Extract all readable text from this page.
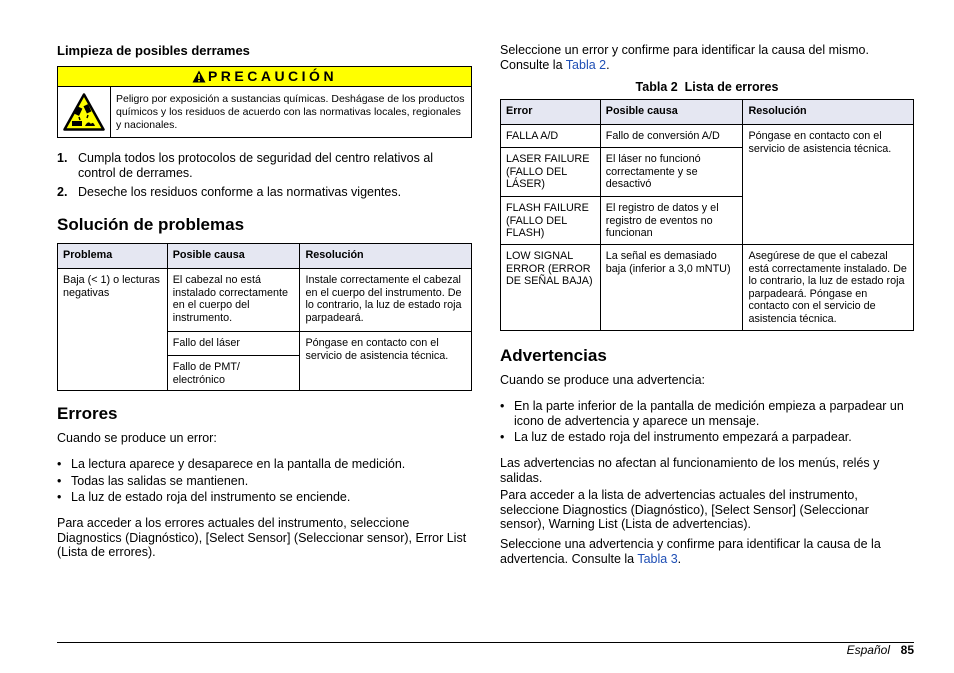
Limpieza de posibles derrames
PRECAUCIÓN
Peligro por exposición a sustancias químicas. Deshágase de los productos químicos y los residuos de acuerdo con las normativas locales, regionales y nacionales.
1. Cumpla todos los protocolos de seguridad del centro relativos al control de derrames.
2. Deseche los residuos conforme a las normativas vigentes.
Solución de problemas
Problema	Posible causa	Resolución
Baja (< 1) o lecturas negativas	El cabezal no está instalado correctamente en el cuerpo del instrumento.	Instale correctamente el cabezal en el cuerpo del instrumento. De lo contrario, la luz de estado roja parpadeará.
	Fallo del láser	Póngase en contacto con el servicio de asistencia técnica.
	Fallo de PMT/ electrónico	
Errores
Cuando se produce un error:
• La lectura aparece y desaparece en la pantalla de medición.
• Todas las salidas se mantienen.
• La luz de estado roja del instrumento se enciende.
Para acceder a los errores actuales del instrumento, seleccione Diagnostics (Diagnóstico), [Select Sensor] (Seleccionar sensor), Error List (Lista de errores).
Seleccione un error y confirme para identificar la causa del mismo. Consulte la Tabla 2.
Tabla 2  Lista de errores
Error	Posible causa	Resolución
FALLA A/D	Fallo de conversión A/D	Póngase en contacto con el servicio de asistencia técnica.
LASER FAILURE (FALLO DEL LÁSER)	El láser no funcionó correctamente y se desactivó	
FLASH FAILURE (FALLO DEL FLASH)	El registro de datos y el registro de eventos no funcionan	
LOW SIGNAL ERROR (ERROR DE SEÑAL BAJA)	La señal es demasiado baja (inferior a 3,0 mNTU)	Asegúrese de que el cabezal está correctamente instalado. De lo contrario, la luz de estado roja parpadeará. Póngase en contacto con el servicio de asistencia técnica.
Advertencias
Cuando se produce una advertencia:
• En la parte inferior de la pantalla de medición empieza a parpadear un icono de advertencia y aparece un mensaje.
• La luz de estado roja del instrumento empezará a parpadear.
Las advertencias no afectan al funcionamiento de los menús, relés y salidas.
Para acceder a la lista de advertencias actuales del instrumento, seleccione Diagnostics (Diagnóstico), [Select Sensor] (Seleccionar sensor), Warning List (Lista de advertencias).
Seleccione una advertencia y confirme para identificar la causa de la advertencia. Consulte la Tabla 3.
Español 85
